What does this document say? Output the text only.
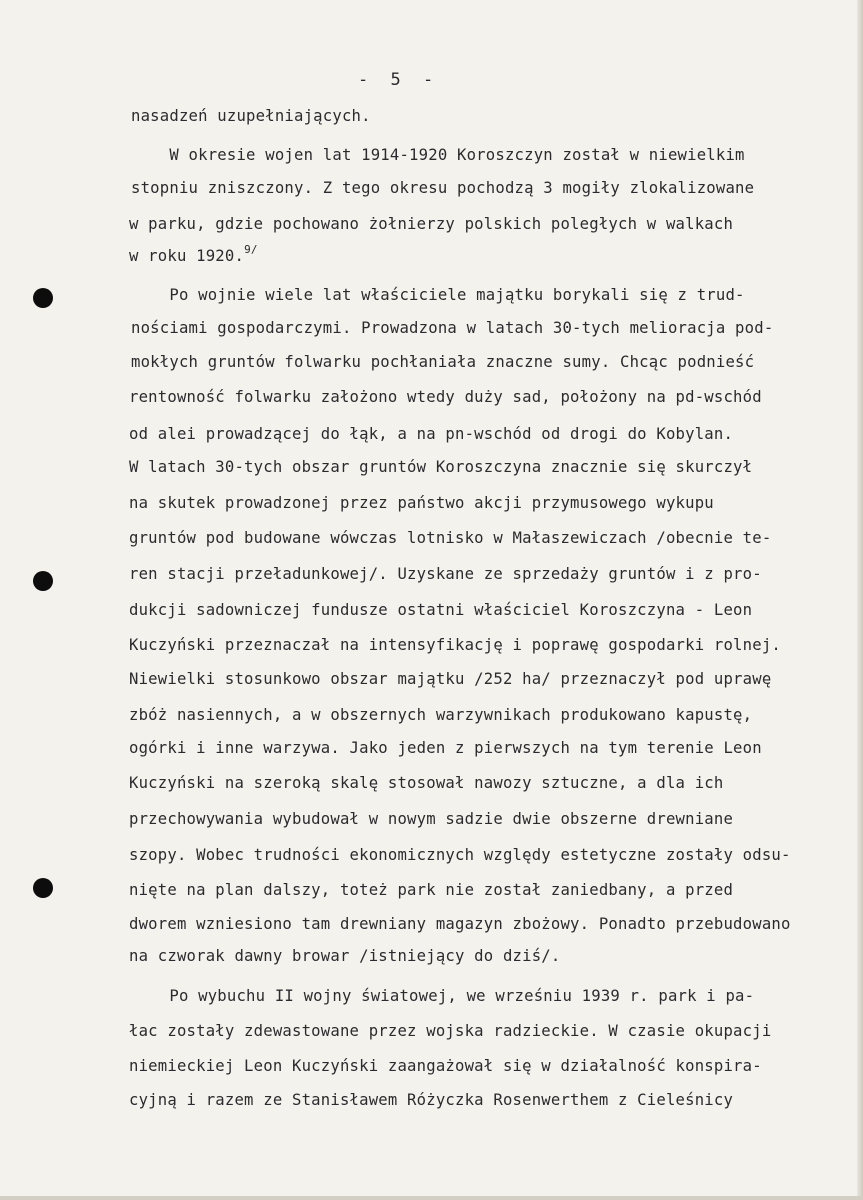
- 5 -
nasadzeń uzupełniających.
W okresie wojen lat 1914-1920 Koroszczyn został w niewielkim
stopniu zniszczony. Z tego okresu pochodzą 3 mogiły zlokalizowane
w parku, gdzie pochowano żołnierzy polskich poległych w walkach
w roku 1920.$^{9/}$
Po wojnie wiele lat właściciele majątku borykali się z trud-
nościami gospodarczymi. Prowadzona w latach 30-tych melioracja pod-
mokłych gruntów folwarku pochłaniała znaczne sumy. Chcąc podnieść
rentowność folwarku założono wtedy duży sad, położony na pd-wschód
od alei prowadzącej do łąk, a na pn-wschód od drogi do Kobylan.
W latach 30-tych obszar gruntów Koroszczyna znacznie się skurczył
na skutek prowadzonej przez państwo akcji przymusowego wykupu
gruntów pod budowane wówczas lotnisko w Małaszewiczach /obecnie te-
ren stacji przeładunkowej/. Uzyskane ze sprzedaży gruntów i z pro-
dukcji sadowniczej fundusze ostatni właściciel Koroszczyna - Leon
Kuczyński przeznaczał na intensyfikację i poprawę gospodarki rolnej.
Niewielki stosunkowo obszar majątku /252 ha/ przeznaczył pod uprawę
zbóż nasiennych, a w obszernych warzywnikach produkowano kapustę,
ogórki i inne warzywa. Jako jeden z pierwszych na tym terenie Leon
Kuczyński na szeroką skalę stosował nawozy sztuczne, a dla ich
przechowywania wybudował w nowym sadzie dwie obszerne drewniane
szopy. Wobec trudności ekonomicznych względy estetyczne zostały odsu-
nięte na plan dalszy, toteż park nie został zaniedbany, a przed
dworem wzniesiono tam drewniany magazyn zbożowy. Ponadto przebudowano
na czworak dawny browar /istniejący do dziś/.
Po wybuchu II wojny światowej, we wrześniu 1939 r. park i pa-
łac zostały zdewastowane przez wojska radzieckie. W czasie okupacji
niemieckiej Leon Kuczyński zaangażował się w działalność konspira-
cyjną i razem ze Stanisławem Różyczka Rosenwerthem z Cieleśnicy
